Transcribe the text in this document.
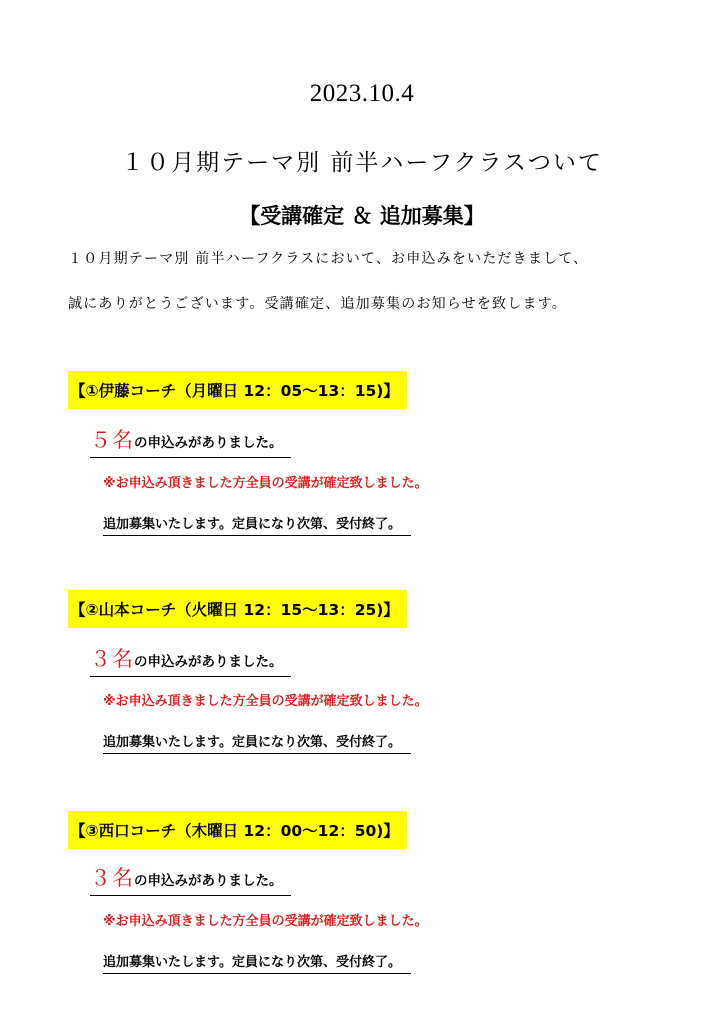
2023.10.4
１０月期テーマ別 前半ハーフクラスついて
【受講確定 ＆ 追加募集】
１０月期テーマ別 前半ハーフクラスにおいて、お申込みをいただきまして、
誠にありがとうございます。受講確定、追加募集のお知らせを致します。
【①伊藤コーチ（月曜日 12：05～13：15)】
５名の申込みがありました。
※お申込み頂きました方全員の受講が確定致しました。
追加募集いたします。定員になり次第、受付終了。
【②山本コーチ（火曜日 12：15～13：25)】
３名の申込みがありました。
※お申込み頂きました方全員の受講が確定致しました。
追加募集いたします。定員になり次第、受付終了。
【③西口コーチ（木曜日 12：00～12：50)】
３名の申込みがありました。
※お申込み頂きました方全員の受講が確定致しました。
追加募集いたします。定員になり次第、受付終了。
